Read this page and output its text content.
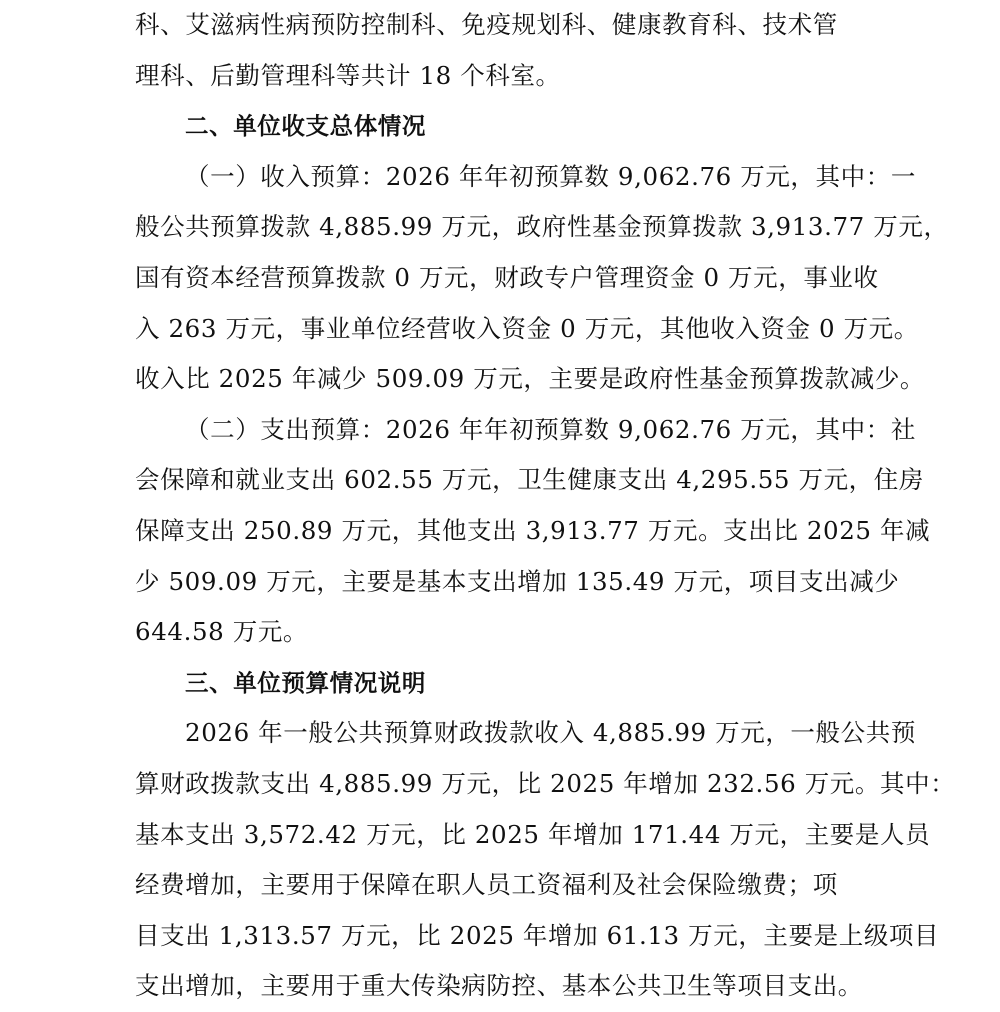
科、艾滋病性病预防控制科、免疫规划科、健康教育科、技术管
理科、后勤管理科等共计 18 个科室。
二、单位收支总体情况
（一）收入预算：2026 年年初预算数 9,062.76 万元，其中：一
般公共预算拨款 4,885.99 万元，政府性基金预算拨款 3,913.77 万元，
国有资本经营预算拨款 0 万元，财政专户管理资金 0 万元，事业收
入 263 万元，事业单位经营收入资金 0 万元，其他收入资金 0 万元。
收入比 2025 年减少 509.09 万元，主要是政府性基金预算拨款减少。
（二）支出预算：2026 年年初预算数 9,062.76 万元，其中：社
会保障和就业支出 602.55 万元，卫生健康支出 4,295.55 万元，住房
保障支出 250.89 万元，其他支出 3,913.77 万元。支出比 2025 年减
少 509.09 万元，主要是基本支出增加 135.49 万元，项目支出减少
644.58 万元。
三、单位预算情况说明
2026 年一般公共预算财政拨款收入 4,885.99 万元，一般公共预
算财政拨款支出 4,885.99 万元，比 2025 年增加 232.56 万元。其中：
基本支出 3,572.42 万元，比 2025 年增加 171.44 万元，主要是人员
经费增加，主要用于保障在职人员工资福利及社会保险缴费；项
目支出 1,313.57 万元，比 2025 年增加 61.13 万元，主要是上级项目
支出增加，主要用于重大传染病防控、基本公共卫生等项目支出。
